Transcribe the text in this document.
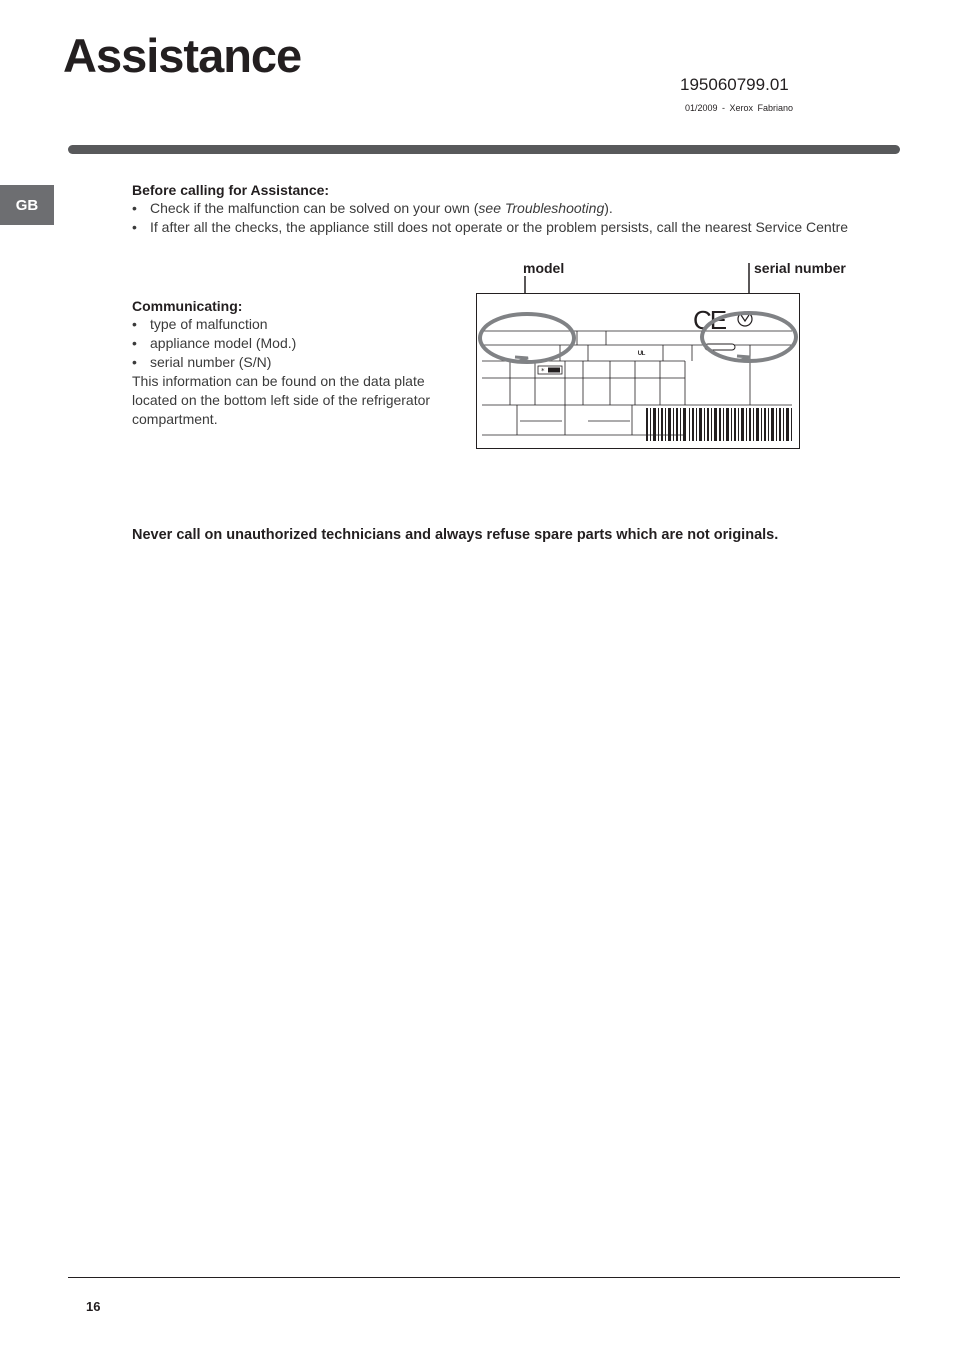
Assistance
195060799.01
01/2009 - Xerox Fabriano
GB
Before calling for Assistance:
• Check if the malfunction can be solved on your own (see Troubleshooting).
• If after all the checks, the appliance still does not operate or the problem persists, call the nearest Service Centre
Communicating:
• type of malfunction
• appliance model (Mod.)
• serial number (S/N)
This information can be found on the data plate located on the bottom left side of the refrigerator compartment.
model	serial number
*
ᵁᴸ
CE
Never call on unauthorized technicians and always refuse spare parts which are not originals.
16
